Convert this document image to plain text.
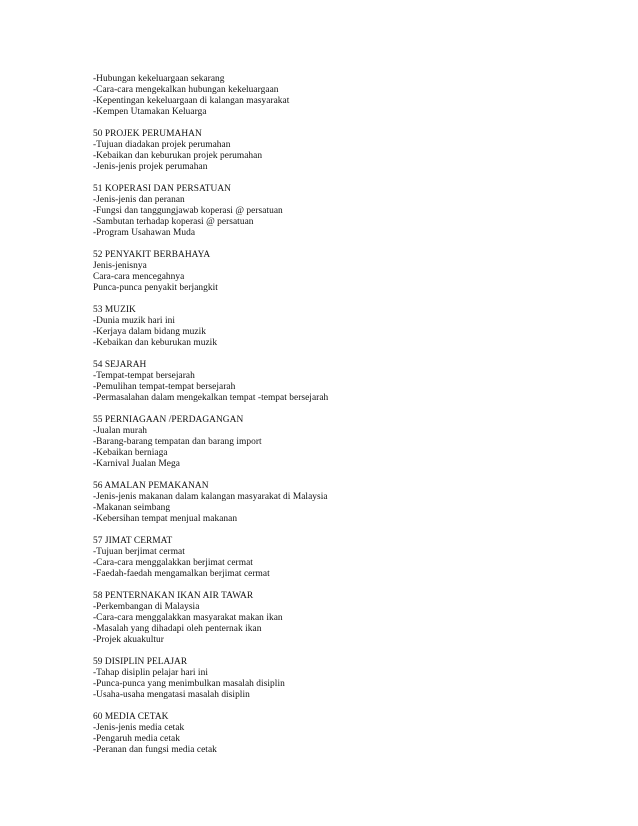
-Hubungan kekeluargaan sekarang
-Cara-cara mengekalkan hubungan kekeluargaan
-Kepentingan kekeluargaan di kalangan masyarakat
-Kempen Utamakan Keluarga
50 PROJEK PERUMAHAN
-Tujuan diadakan projek perumahan
-Kebaikan dan keburukan projek perumahan
-Jenis-jenis projek perumahan
51 KOPERASI DAN PERSATUAN
-Jenis-jenis dan peranan
-Fungsi dan tanggungjawab koperasi @ persatuan
-Sambutan terhadap koperasi @ persatuan
-Program Usahawan Muda
52 PENYAKIT BERBAHAYA
Jenis-jenisnya
Cara-cara mencegahnya
Punca-punca penyakit berjangkit
53 MUZIK
-Dunia muzik hari ini
-Kerjaya dalam bidang muzik
-Kebaikan dan keburukan muzik
54 SEJARAH
-Tempat-tempat bersejarah
-Pemulihan tempat-tempat bersejarah
-Permasalahan dalam mengekalkan tempat -tempat bersejarah
55 PERNIAGAAN /PERDAGANGAN
-Jualan murah
-Barang-barang tempatan dan barang import
-Kebaikan berniaga
-Karnival Jualan Mega
56 AMALAN PEMAKANAN
-Jenis-jenis makanan dalam kalangan masyarakat di Malaysia
-Makanan seimbang
-Kebersihan tempat menjual makanan
57 JIMAT CERMAT
-Tujuan berjimat cermat
-Cara-cara menggalakkan berjimat cermat
-Faedah-faedah mengamalkan berjimat cermat
58 PENTERNAKAN IKAN AIR TAWAR
-Perkembangan di Malaysia
-Cara-cara menggalakkan masyarakat makan ikan
-Masalah yang dihadapi oleh penternak ikan
-Projek akuakultur
59 DISIPLIN PELAJAR
-Tahap disiplin pelajar hari ini
-Punca-punca yang menimbulkan masalah disiplin
-Usaha-usaha mengatasi masalah disiplin
60 MEDIA CETAK
-Jenis-jenis media cetak
-Pengaruh media cetak
-Peranan dan fungsi media cetak
